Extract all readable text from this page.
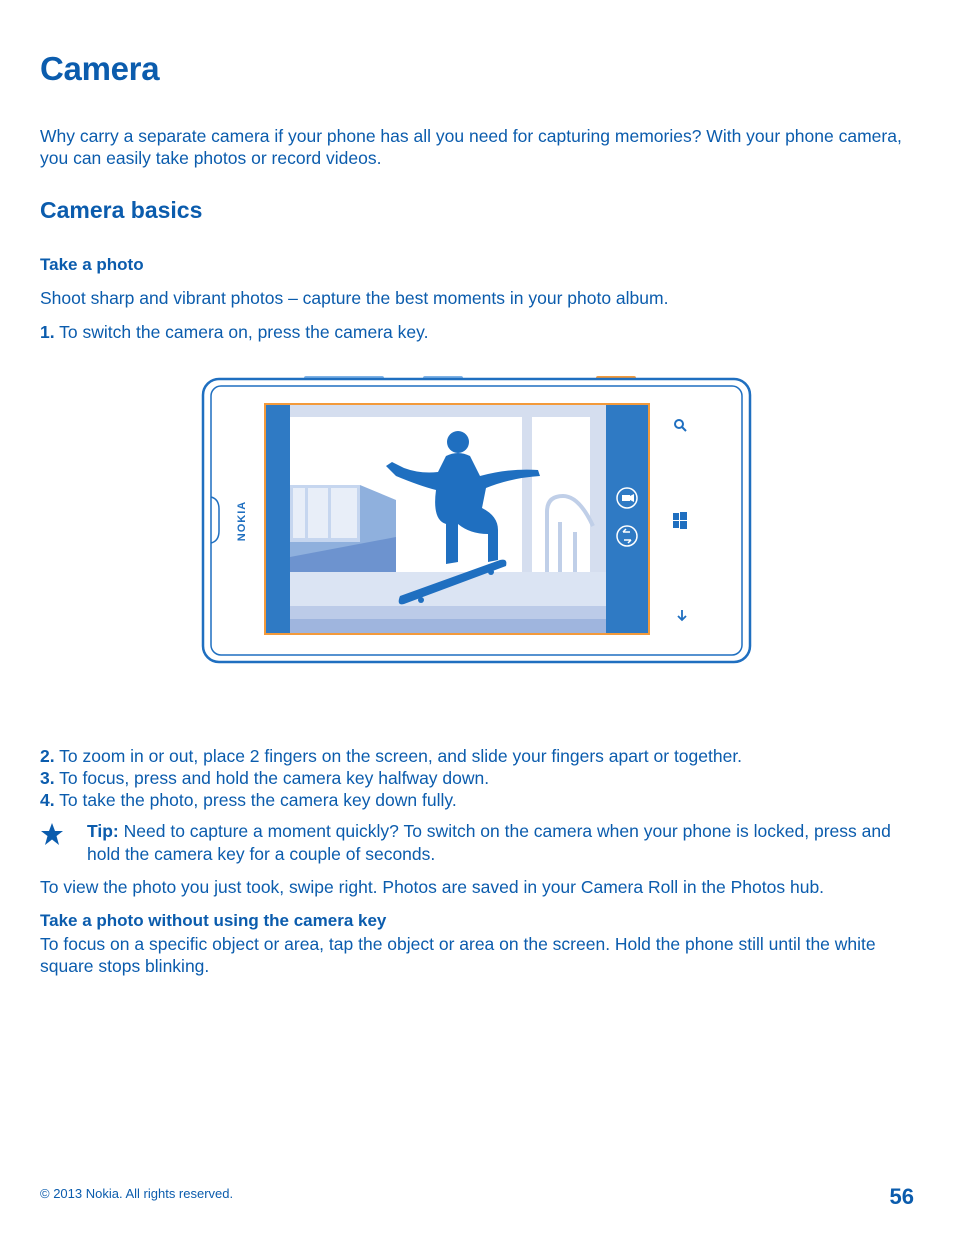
Camera

Why carry a separate camera if your phone has all you need for capturing memories? With your phone camera, you can easily take photos or record videos.

Camera basics
Take a photo

Shoot sharp and vibrant photos – capture the best moments in your photo album.

1. To switch the camera on, press the camera key.

NOKIA

2. To zoom in or out, place 2 fingers on the screen, and slide your fingers apart or together.

3. To focus, press and hold the camera key halfway down.

4. To take the photo, press the camera key down fully.

Tip: Need to capture a moment quickly? To switch on the camera when your phone is locked, press and hold the camera key for a couple of seconds.

To view the photo you just took, swipe right. Photos are saved in your Camera Roll in the Photos hub.

Take a photo without using the camera key

To focus on a specific object or area, tap the object or area on the screen. Hold the phone still until the white square stops blinking.

© 2013 Nokia. All rights reserved.	56
